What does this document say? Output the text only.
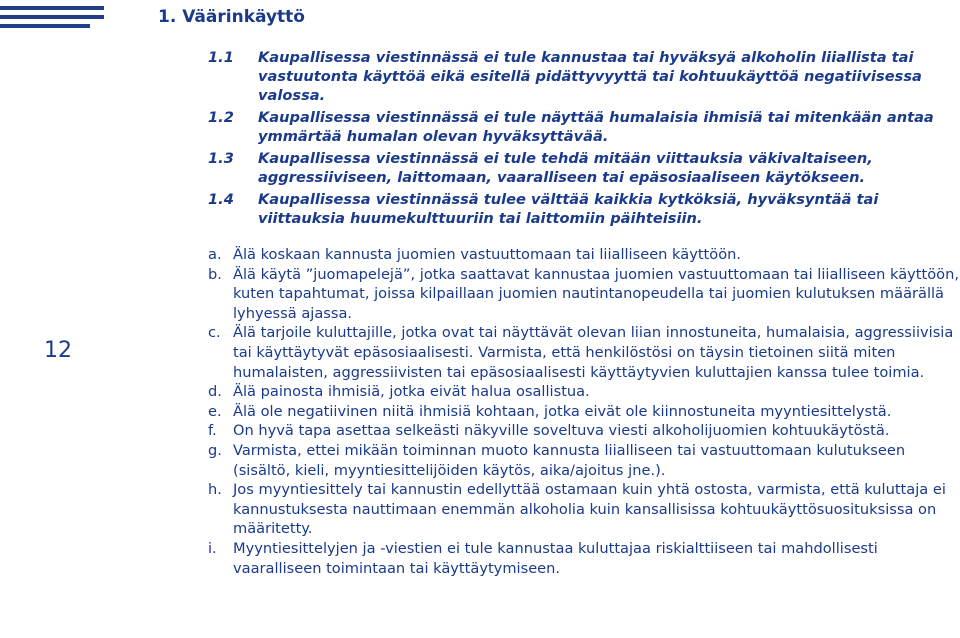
1. Väärinkäyttö
1.1	Kaupallisessa viestinnässä ei tule kannustaa tai hyväksyä alkoholin liiallista tai vastuutonta käyttöä eikä esitellä pidättyvyyttä tai kohtuukäyttöä negatiivisessa valossa.
1.2	Kaupallisessa viestinnässä ei tule näyttää humalaisia ihmisiä tai mitenkään antaa ymmärtää humalan olevan hyväksyttävää.
1.3	Kaupallisessa viestinnässä ei tule tehdä mitään viittauksia väkivaltaiseen, aggressiiviseen, laittomaan, vaaralliseen tai epäsosiaaliseen käytökseen.
1.4	Kaupallisessa viestinnässä tulee välttää kaikkia kytköksiä, hyväksyntää tai viittauksia huumekulttuuriin tai laittomiin päihteisiin.
a. Älä koskaan kannusta juomien vastuuttomaan tai liialliseen käyttöön.
b. Älä käytä ”juomapelejä”, jotka saattavat kannustaa juomien vastuuttomaan tai liialliseen käyttöön, kuten tapahtumat, joissa kilpaillaan juomien nautintanopeudella tai juomien kulutuksen määrällä lyhyessä ajassa.
c. Älä tarjoile kuluttajille, jotka ovat tai näyttävät olevan liian innostuneita, humalaisia, aggressiivisia tai käyttäytyvät epäsosiaalisesti. Varmista, että henkilöstösi on täysin tietoinen siitä miten humalaisten, aggressiivisten tai epäsosiaalisesti käyttäytyvien kuluttajien kanssa tulee toimia.
d. Älä painosta ihmisiä, jotka eivät halua osallistua.
e. Älä ole negatiivinen niitä ihmisiä kohtaan, jotka eivät ole kiinnostuneita myyntiesittelystä.
f.	On hyvä tapa asettaa selkeästi näkyville soveltuva viesti alkoholijuomien kohtuukäytöstä.
g. Varmista, ettei mikään toiminnan muoto kannusta liialliseen tai vastuuttomaan kulutukseen (sisältö, kieli, myyntiesittelijöiden käytös, aika/ajoitus jne.).
h. Jos myyntiesittely tai kannustin edellyttää ostamaan kuin yhtä ostosta, varmista, että kuluttaja ei kannustuksesta nauttimaan enemmän alkoholia kuin kansallisissa kohtuukäyttösuosituksissa on määritetty.
i.	Myyntiesittelyjen ja -viestien ei tule kannustaa kuluttajaa riskialttiiseen tai mahdollisesti vaaralliseen toimintaan tai käyttäytymiseen.
12
